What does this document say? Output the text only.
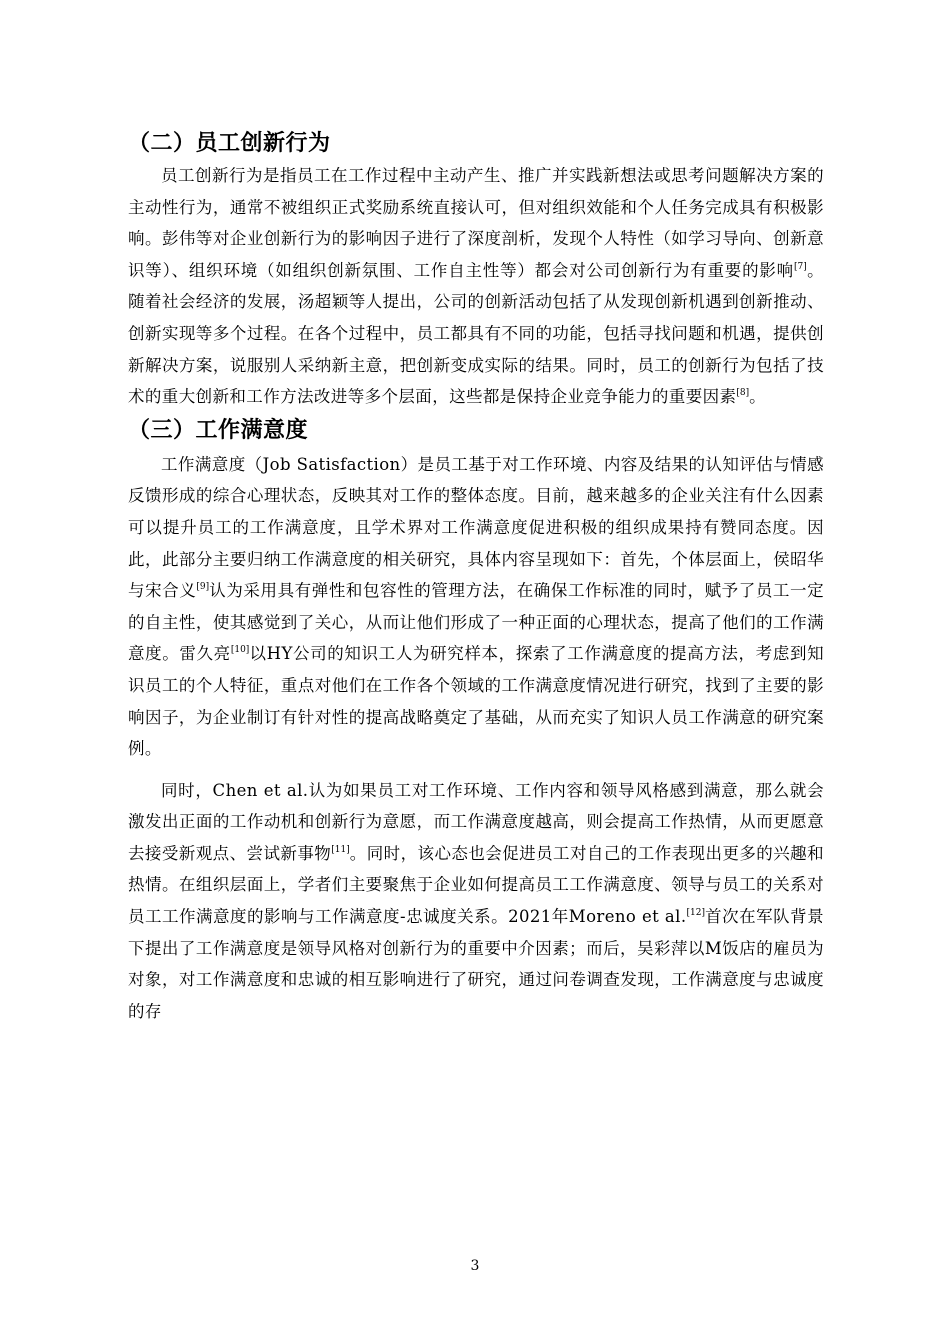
（二）员工创新行为

员工创新行为是指员工在工作过程中主动产生、推广并实践新想法或思考问题解决方案的主动性行为，通常不被组织正式奖励系统直接认可，但对组织效能和个人任务完成具有积极影响。彭伟等对企业创新行为的影响因子进行了深度剖析，发现个人特性（如学习导向、创新意识等）、组织环境（如组织创新氛围、工作自主性等）都会对公司创新行为有重要的影响[7]。随着社会经济的发展，汤超颖等人提出，公司的创新活动包括了从发现创新机遇到创新推动、创新实现等多个过程。在各个过程中，员工都具有不同的功能，包括寻找问题和机遇，提供创新解决方案，说服别人采纳新主意，把创新变成实际的结果。同时，员工的创新行为包括了技术的重大创新和工作方法改进等多个层面，这些都是保持企业竞争能力的重要因素[8]。

（三）工作满意度

工作满意度（Job Satisfaction）是员工基于对工作环境、内容及结果的认知评估与情感反馈形成的综合心理状态，反映其对工作的整体态度。目前，越来越多的企业关注有什么因素可以提升员工的工作满意度，且学术界对工作满意度促进积极的组织成果持有赞同态度。因此，此部分主要归纳工作满意度的相关研究，具体内容呈现如下：首先，个体层面上，侯昭华与宋合义[9]认为采用具有弹性和包容性的管理方法，在确保工作标准的同时，赋予了员工一定的自主性，使其感觉到了关心，从而让他们形成了一种正面的心理状态，提高了他们的工作满意度。雷久亮[10]以HY公司的知识工人为研究样本，探索了工作满意度的提高方法，考虑到知识员工的个人特征，重点对他们在工作各个领域的工作满意度情况进行研究，找到了主要的影响因子，为企业制订有针对性的提高战略奠定了基础，从而充实了知识人员工作满意的研究案例。

同时，Chen et al.认为如果员工对工作环境、工作内容和领导风格感到满意，那么就会激发出正面的工作动机和创新行为意愿，而工作满意度越高，则会提高工作热情，从而更愿意去接受新观点、尝试新事物[11]。同时，该心态也会促进员工对自己的工作表现出更多的兴趣和热情。在组织层面上，学者们主要聚焦于企业如何提高员工工作满意度、领导与员工的关系对员工工作满意度的影响与工作满意度-忠诚度关系。2021年Moreno et al.[12]首次在军队背景下提出了工作满意度是领导风格对创新行为的重要中介因素；而后，吴彩萍以M饭店的雇员为对象，对工作满意度和忠诚的相互影响进行了研究，通过问卷调查发现，工作满意度与忠诚度的存

3
